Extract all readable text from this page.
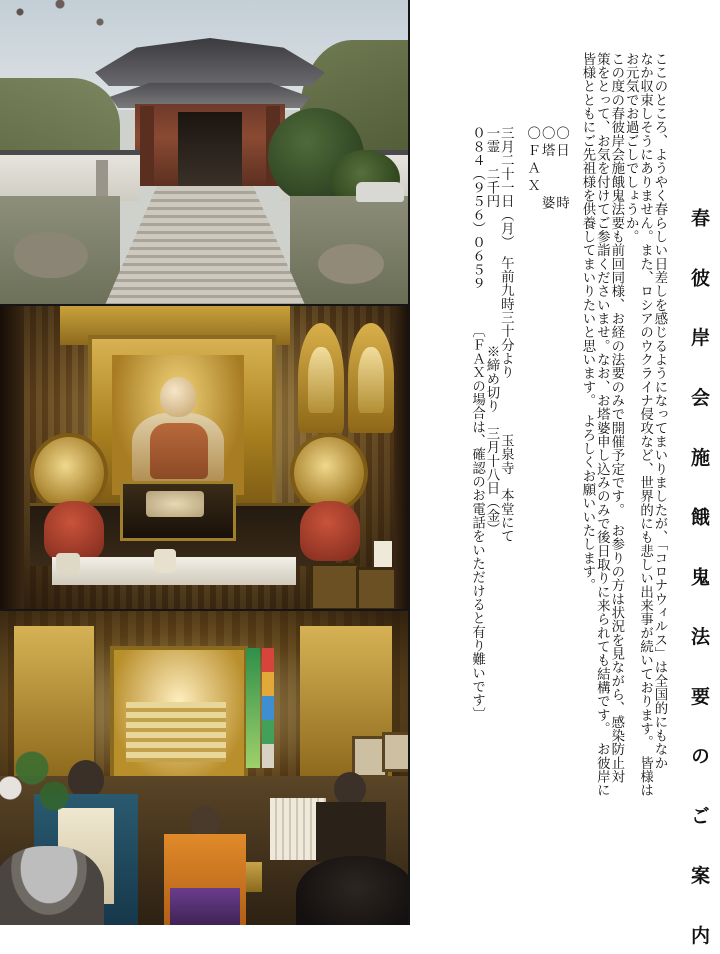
春 彼 岸 会 施 餓 鬼 法 要 の ご 案 内
ここのところ、ようやく春らしい日差しを感じるようになってまいりましたが、「コロナウィルス」は全国的にもなか
なか収束しそうにありません。また、ロシアのウクライナ侵攻など、世界的にも悲しい出来事が続いております。　皆様は
お元気でお過ごしでしょうか。
この度の春彼岸会施餓鬼法要も前回同様、お経の法要のみで開催予定です。　お参りの方は状況を見ながら、感染防止対
策をとって、お気を付けてご参詣くださいませ。なお、お塔婆申し込みのみで後日取りに来られても結構です。　お彼岸に
皆様とともにご先祖様を供養してまいりたいと思います。　よろしくお願いいたします。
〇日　　時
〇塔　　婆
〇ＦＡＸ
三月二十一日（月）　午前九時三十分より　　　　玉泉寺　本堂にて
一霊　二千円　　　　　　　　　　※締め切り　三月十八日（金）
０８４（９５６）０６５９　　　〔ＦＡＸの場合は、確認のお電話をいただけると有り難いです〕
